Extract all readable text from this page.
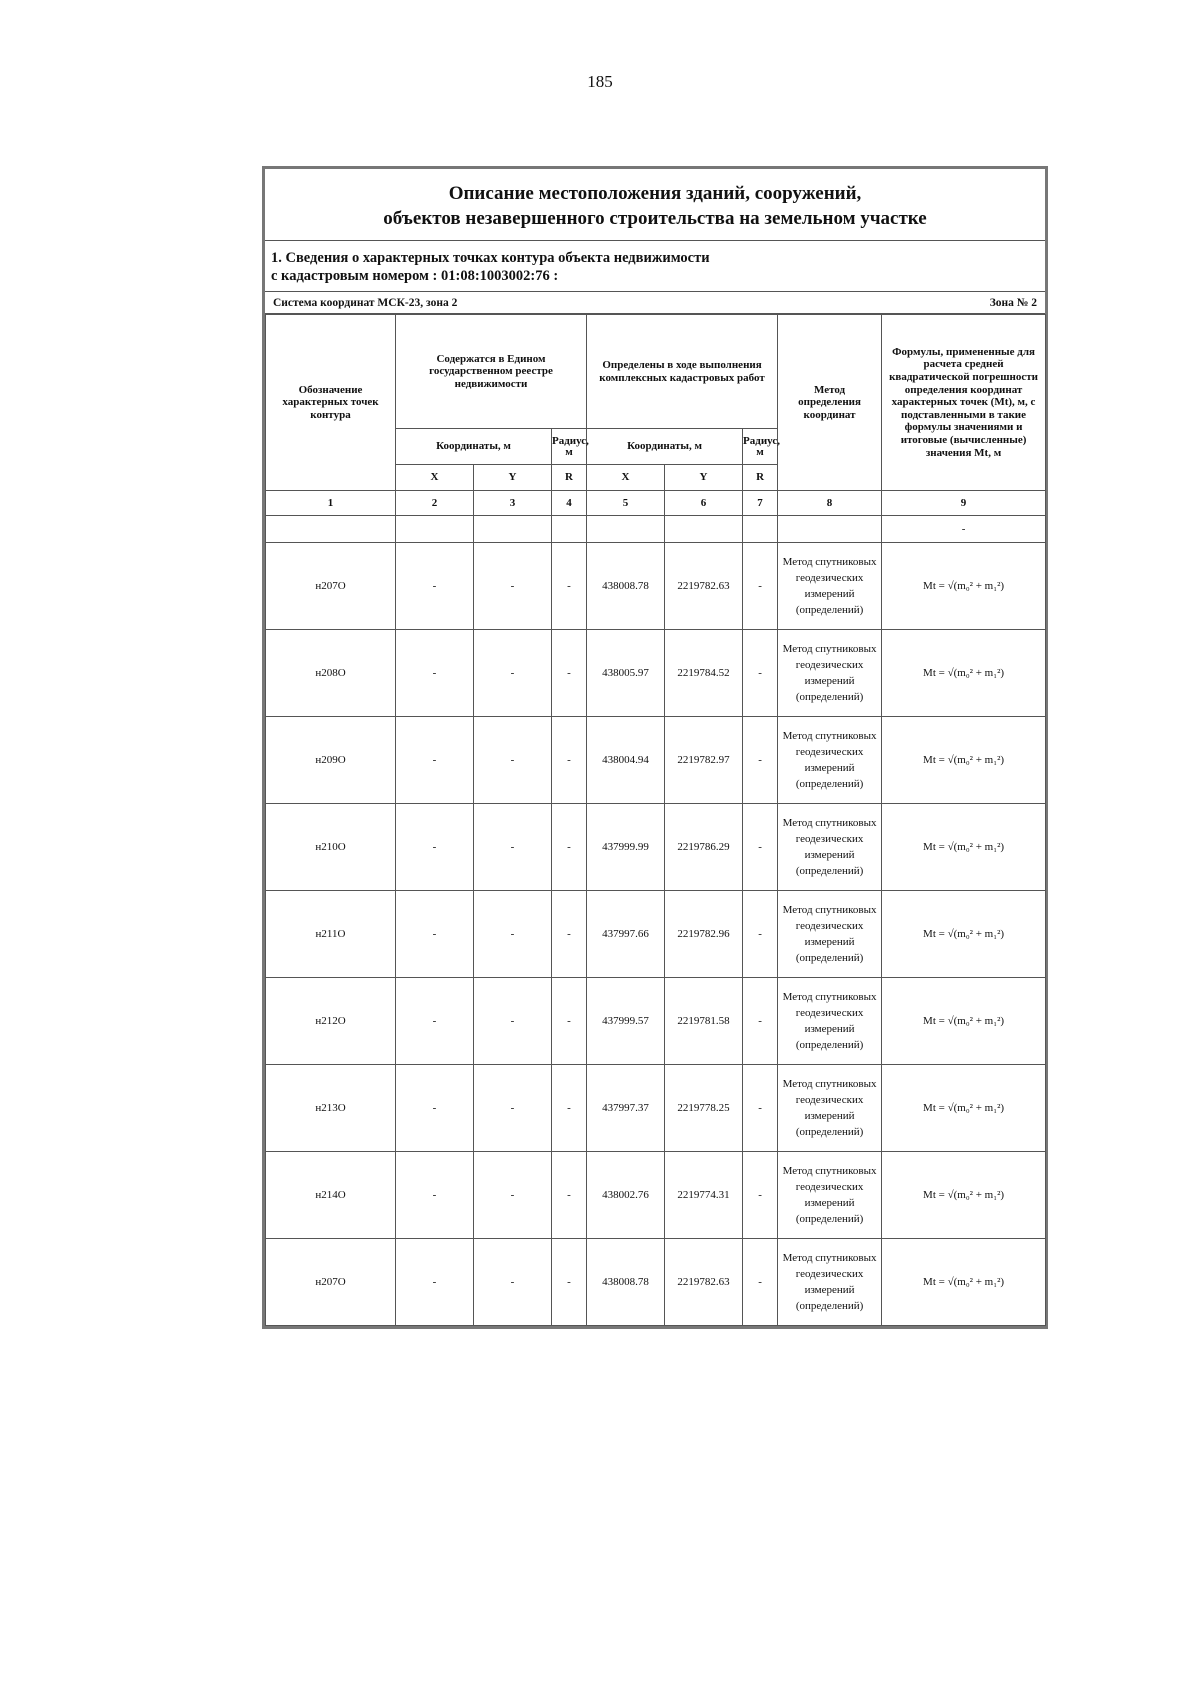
185
Описание местоположения зданий, сооружений,
объектов незавершенного строительства на земельном участке
1. Сведения о характерных точках контура объекта недвижимости
с кадастровым номером : 01:08:1003002:76 :
Система координат МСК-23, зона 2	Зона № 2
Обозначение характерных точек контура	Содержатся в Едином государственном реестре недвижимости			Определены в ходе выполнения комплексных кадастровых работ			Метод определения координат	Формулы, примененные для расчета средней квадратической погрешности определения координат характерных точек (Mt), м, с подставленными в такие формулы значениями и итоговые (вычисленные) значения Mt, м
	Координаты, м		Радиус, м	Координаты, м		Радиус, м		
	X	Y	R	X	Y	R		
1	2	3	4	5	6	7	8	9
								-
н207О	-	-	-	438008.78	2219782.63	-	Метод спутниковых геодезических измерений (определений)	Mt = √(m₀² + m₁²)
н208О	-	-	-	438005.97	2219784.52	-	Метод спутниковых геодезических измерений (определений)	Mt = √(m₀² + m₁²)
н209О	-	-	-	438004.94	2219782.97	-	Метод спутниковых геодезических измерений (определений)	Mt = √(m₀² + m₁²)
н210О	-	-	-	437999.99	2219786.29	-	Метод спутниковых геодезических измерений (определений)	Mt = √(m₀² + m₁²)
н211О	-	-	-	437997.66	2219782.96	-	Метод спутниковых геодезических измерений (определений)	Mt = √(m₀² + m₁²)
н212О	-	-	-	437999.57	2219781.58	-	Метод спутниковых геодезических измерений (определений)	Mt = √(m₀² + m₁²)
н213О	-	-	-	437997.37	2219778.25	-	Метод спутниковых геодезических измерений (определений)	Mt = √(m₀² + m₁²)
н214О	-	-	-	438002.76	2219774.31	-	Метод спутниковых геодезических измерений (определений)	Mt = √(m₀² + m₁²)
н207О	-	-	-	438008.78	2219782.63	-	Метод спутниковых геодезических измерений (определений)	Mt = √(m₀² + m₁²)
